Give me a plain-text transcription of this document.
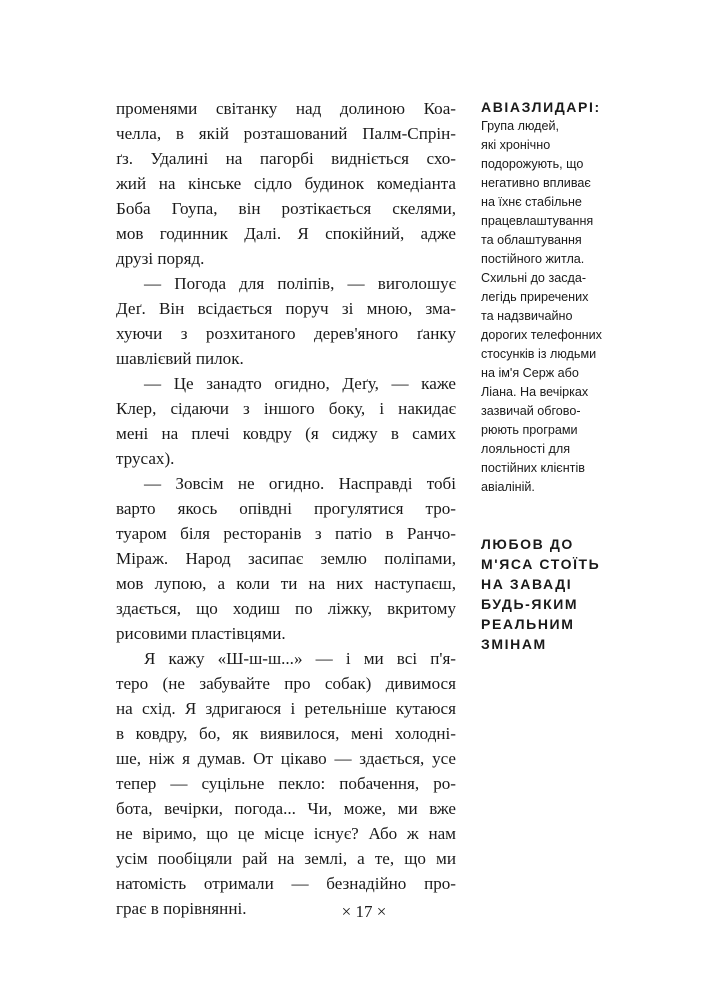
променями світанку над долиною Коа-
челла, в якій розташований Палм-Спрін-
ґз. Удалині на пагорбі видніється схо-
жий на кінське сідло будинок комедіанта
Боба Гоупа, він розтікається скелями,
мов годинник Далі. Я спокійний, адже
друзі поряд.
— Погода для поліпів, — виголошує
Деґ. Він всідається поруч зі мною, зма-
хуючи з розхитаного дерев'яного ґанку
шавлієвий пилок.
— Це занадто огидно, Деґу, — каже
Клер, сідаючи з іншого боку, і накидає
мені на плечі ковдру (я сиджу в самих
трусах).
— Зовсім не огидно. Насправді тобі
варто якось опівдні прогулятися тро-
туаром біля ресторанів з патіо в Ранчо-
Міраж. Народ засипає землю поліпами,
мов лупою, а коли ти на них наступаєш,
здається, що ходиш по ліжку, вкритому
рисовими пластівцями.
Я кажу «Ш-ш-ш...» — і ми всі п'я-
теро (не забувайте про собак) дивимося
на схід. Я здригаюся і ретельніше кутаюся
в ковдру, бо, як виявилося, мені холодні-
ше, ніж я думав. От цікаво — здається, усе
тепер — суцільне пекло: побачення, ро-
бота, вечірки, погода... Чи, може, ми вже
не віримо, що це місце існує? Або ж нам
усім пообіцяли рай на землі, а те, що ми
натомість отримали — безнадійно про-
грає в порівнянні.
АВІАЗЛИДАРІ:
Група людей,
які хронічно
подорожують, що
негативно впливає
на їхнє стабільне
працевлаштування
та облаштування
постійного житла.
Схильні до засда-
легідь приречених
та надзвичайно
дорогих телефонних
стосунків із людьми
на ім'я Серж або
Ліана. На вечірках
зазвичай обгово-
рюють програми
лояльності для
постійних клієнтів
авіаліній.
ЛЮБОВ ДО
М'ЯСА СТОЇТЬ
НА ЗАВАДІ
БУДЬ-ЯКИМ
РЕАЛЬНИМ
ЗМІНАМ
× 17 ×
